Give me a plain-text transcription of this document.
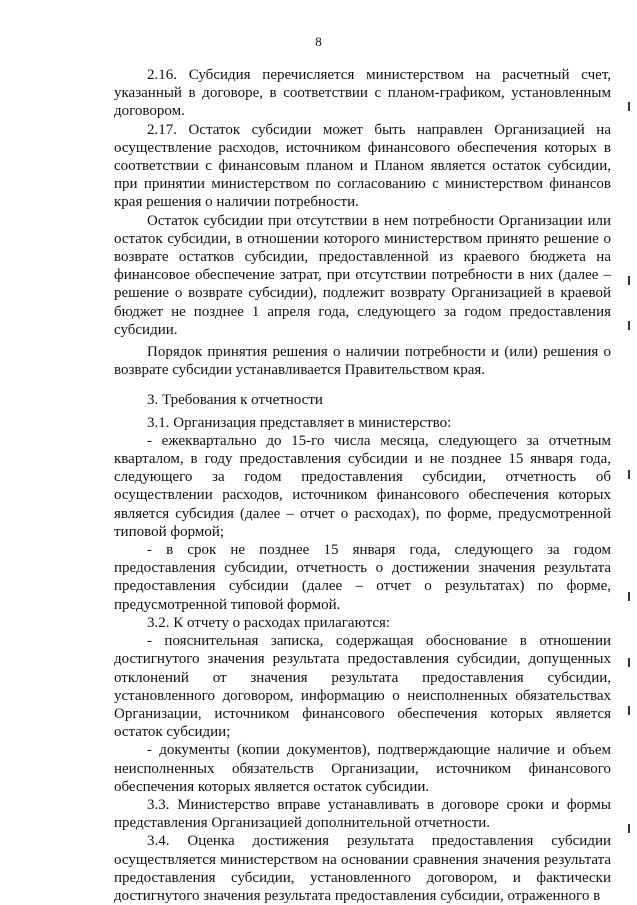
8

2.16. Субсидия перечисляется министерством на расчетный счет, указанный в договоре, в соответствии с планом-графиком, установленным договором.

2.17. Остаток субсидии может быть направлен Организацией на осуществление расходов, источником финансового обеспечения которых в соответствии с финансовым планом и Планом является остаток субсидии, при принятии министерством по согласованию с министерством финансов края решения о наличии потребности.

Остаток субсидии при отсутствии в нем потребности Организации или остаток субсидии, в отношении которого министерством принято решение о возврате остатков субсидии, предоставленной из краевого бюджета на финансовое обеспечение затрат, при отсутствии потребности в них (далее – решение о возврате субсидии), подлежит возврату Организацией в краевой бюджет не позднее 1 апреля года, следующего за годом предоставления субсидии.

Порядок принятия решения о наличии потребности и (или) решения о возврате субсидии устанавливается Правительством края.

3. Требования к отчетности

3.1. Организация представляет в министерство:

- ежеквартально до 15-го числа месяца, следующего за отчетным кварталом, в году предоставления субсидии и не позднее 15 января года, следующего за годом предоставления субсидии, отчетность об осуществлении расходов, источником финансового обеспечения которых является субсидия (далее – отчет о расходах), по форме, предусмотренной типовой формой;

- в срок не позднее 15 января года, следующего за годом предоставления субсидии, отчетность о достижении значения результата предоставления субсидии (далее – отчет о результатах) по форме, предусмотренной типовой формой.

3.2. К отчету о расходах прилагаются:

- пояснительная записка, содержащая обоснование в отношении достигнутого значения результата предоставления субсидии, допущенных отклонений от значения результата предоставления субсидии, установленного договором, информацию о неисполненных обязательствах Организации, источником финансового обеспечения которых является остаток субсидии;

- документы (копии документов), подтверждающие наличие и объем неисполненных обязательств Организации, источником финансового обеспечения которых является остаток субсидии.

3.3. Министерство вправе устанавливать в договоре сроки и формы представления Организацией дополнительной отчетности.

3.4. Оценка достижения результата предоставления субсидии осуществляется министерством на основании сравнения значения результата предоставления субсидии, установленного договором, и фактически достигнутого значения результата предоставления субсидии, отраженного в
